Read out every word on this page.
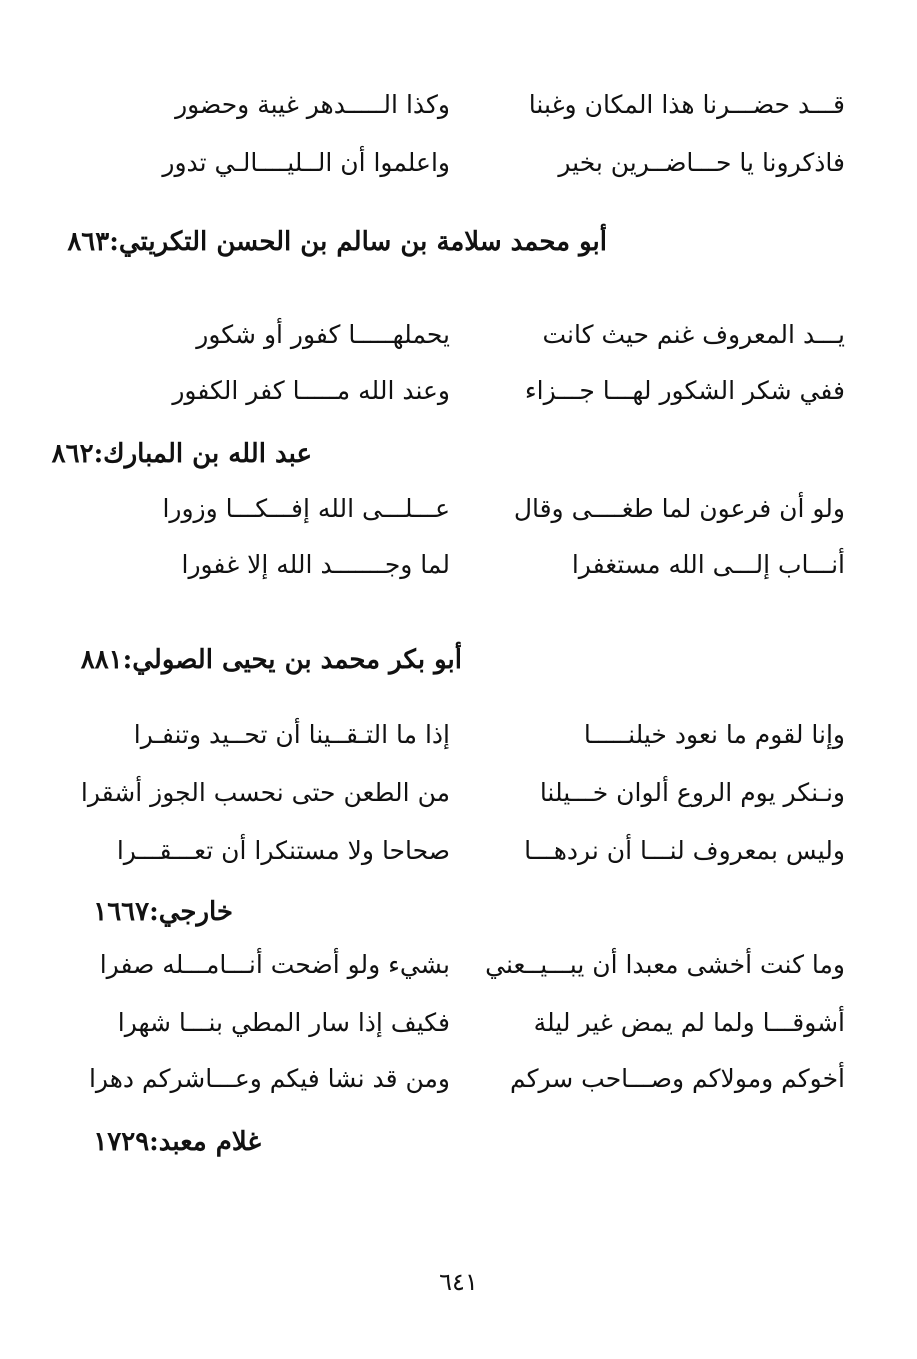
قـــد حضـــرنا هذا المكان وغبنا
وكذا الـــــدهر غيبة وحضور
فاذكرونا يا حـــاضــرين بخير
واعلموا أن الــليــــالـي تدور
أبو محمد سلامة بن سالم بن الحسن التكريتي:٨٦٣
يـــد المعروف غنم حيث كانت
يحملهـــــا كفور أو شكور
ففي شكر الشكور لهـــا جـــزاء
وعند الله مـــــا كفر الكفور
عبد الله بن المبارك:٨٦٢
ولو أن فرعون لما طغــــى وقال
عـــلـــى الله إفـــكـــا وزورا
أنـــاب إلـــى الله مستغفرا
لما وجـــــــد الله إلا غفورا
أبو بكر محمد بن يحيى الصولي:٨٨١
وإنا لقوم ما نعود خيلنـــــا
إذا ما التـقــينا أن تحــيد وتنفـرا
ونـنكر يوم الروع ألوان خـــيلنا
من الطعن حتى نحسب الجوز أشقرا
وليس بمعروف لنـــا أن نردهـــا
صحاحا ولا مستنكرا أن تعـــقـــرا
خارجي:١٦٦٧
وما كنت أخشى معبدا أن يبـــيــعني
بشيء ولو أضحت أنـــامـــله صفرا
أشوقـــا ولما لم يمض غير ليلة
فكيف إذا سار المطي بنـــا شهرا
أخوكم ومولاكم وصـــاحب سركم
ومن قد نشا فيكم وعـــاشركم دهرا
غلام معبد:١٧٢٩
٦٤١
